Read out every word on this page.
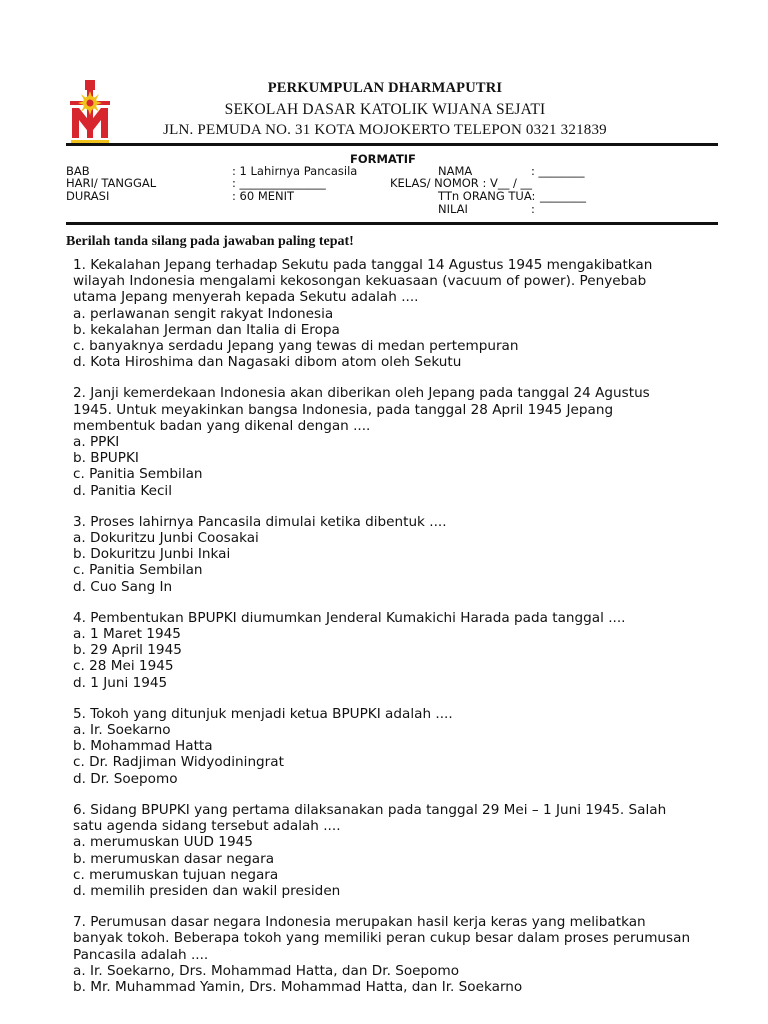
PERKUMPULAN DHARMAPUTRI
SEKOLAH DASAR KATOLIK WIJANA SEJATI
JLN. PEMUDA NO. 31 KOTA MOJOKERTO TELEPON 0321 321839
FORMATIF
BAB	: 1 Lahirnya Pancasila	NAMA	: ________
HARI/ TANGGAL	: _______________	KELAS/ NOMOR : V__ / __
DURASI	: 60 MENIT	TTn ORANG TUA: ________
NILAI	:
Berilah tanda silang pada jawaban paling tepat!

1. Kekalahan Jepang terhadap Sekutu pada tanggal 14 Agustus 1945 mengakibatkan wilayah Indonesia mengalami kekosongan kekuasaan (vacuum of power). Penyebab utama Jepang menyerah kepada Sekutu adalah ....

a. perlawanan sengit rakyat Indonesia

b. kekalahan Jerman dan Italia di Eropa

c. banyaknya serdadu Jepang yang tewas di medan pertempuran

d. Kota Hiroshima dan Nagasaki dibom atom oleh Sekutu

2. Janji kemerdekaan Indonesia akan diberikan oleh Jepang pada tanggal 24 Agustus 1945. Untuk meyakinkan bangsa Indonesia, pada tanggal 28 April 1945 Jepang membentuk badan yang dikenal dengan ....

a. PPKI

b. BPUPKI

c. Panitia Sembilan

d. Panitia Kecil

3. Proses lahirnya Pancasila dimulai ketika dibentuk ....

a. Dokuritzu Junbi Coosakai

b. Dokuritzu Junbi Inkai

c. Panitia Sembilan

d. Cuo Sang In

4. Pembentukan BPUPKI diumumkan Jenderal Kumakichi Harada pada tanggal ....

a. 1 Maret 1945

b. 29 April 1945

c. 28 Mei 1945

d. 1 Juni 1945

5. Tokoh yang ditunjuk menjadi ketua BPUPKI adalah ....

a. Ir. Soekarno

b. Mohammad Hatta

c. Dr. Radjiman Widyodiningrat

d. Dr. Soepomo

6. Sidang BPUPKI yang pertama dilaksanakan pada tanggal 29 Mei – 1 Juni 1945. Salah satu agenda sidang tersebut adalah ....

a. merumuskan UUD 1945

b. merumuskan dasar negara

c. merumuskan tujuan negara

d. memilih presiden dan wakil presiden

7. Perumusan dasar negara Indonesia merupakan hasil kerja keras yang melibatkan banyak tokoh. Beberapa tokoh yang memiliki peran cukup besar dalam proses perumusan Pancasila adalah ....

a. Ir. Soekarno, Drs. Mohammad Hatta, dan Dr. Soepomo

b. Mr. Muhammad Yamin, Drs. Mohammad Hatta, dan Ir. Soekarno
